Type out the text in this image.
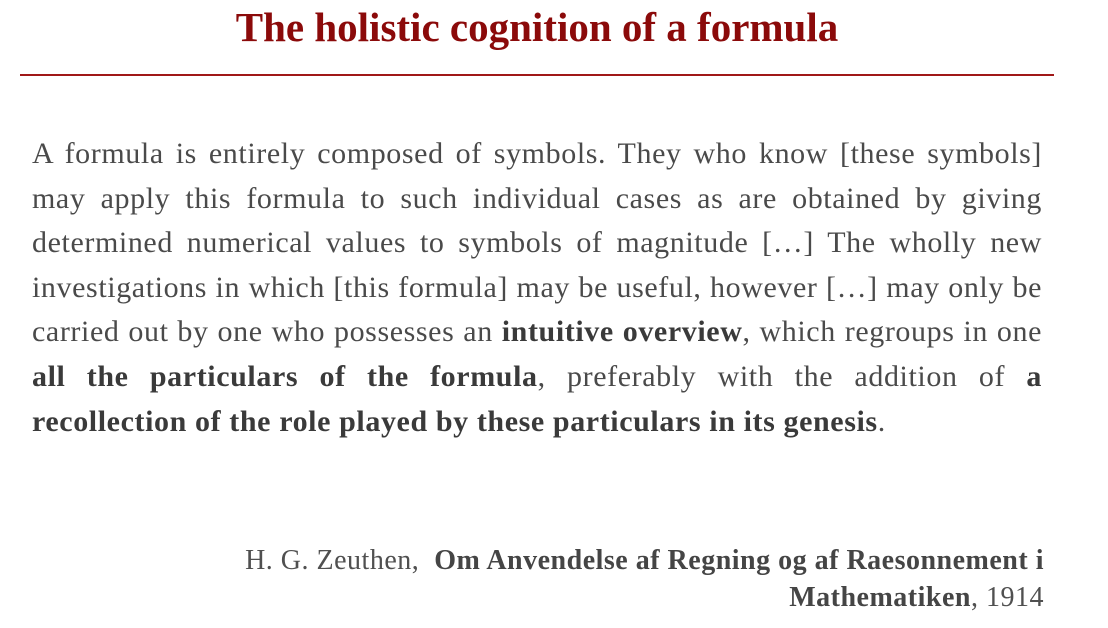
The holistic cognition of a formula

A formula is entirely composed of symbols. They who know [these symbols] may apply this formula to such individual cases as are obtained by giving determined numerical values to symbols of magnitude […] The wholly new investigations in which [this formula] may be useful, however […] may only be carried out by one who possesses an intuitive overview, which regroups in one all the particulars of the formula, preferably with the addition of a recollection of the role played by these particulars in its genesis.

H. G. Zeuthen, Om Anvendelse af Regning og af Raesonnement i Mathematiken, 1914
